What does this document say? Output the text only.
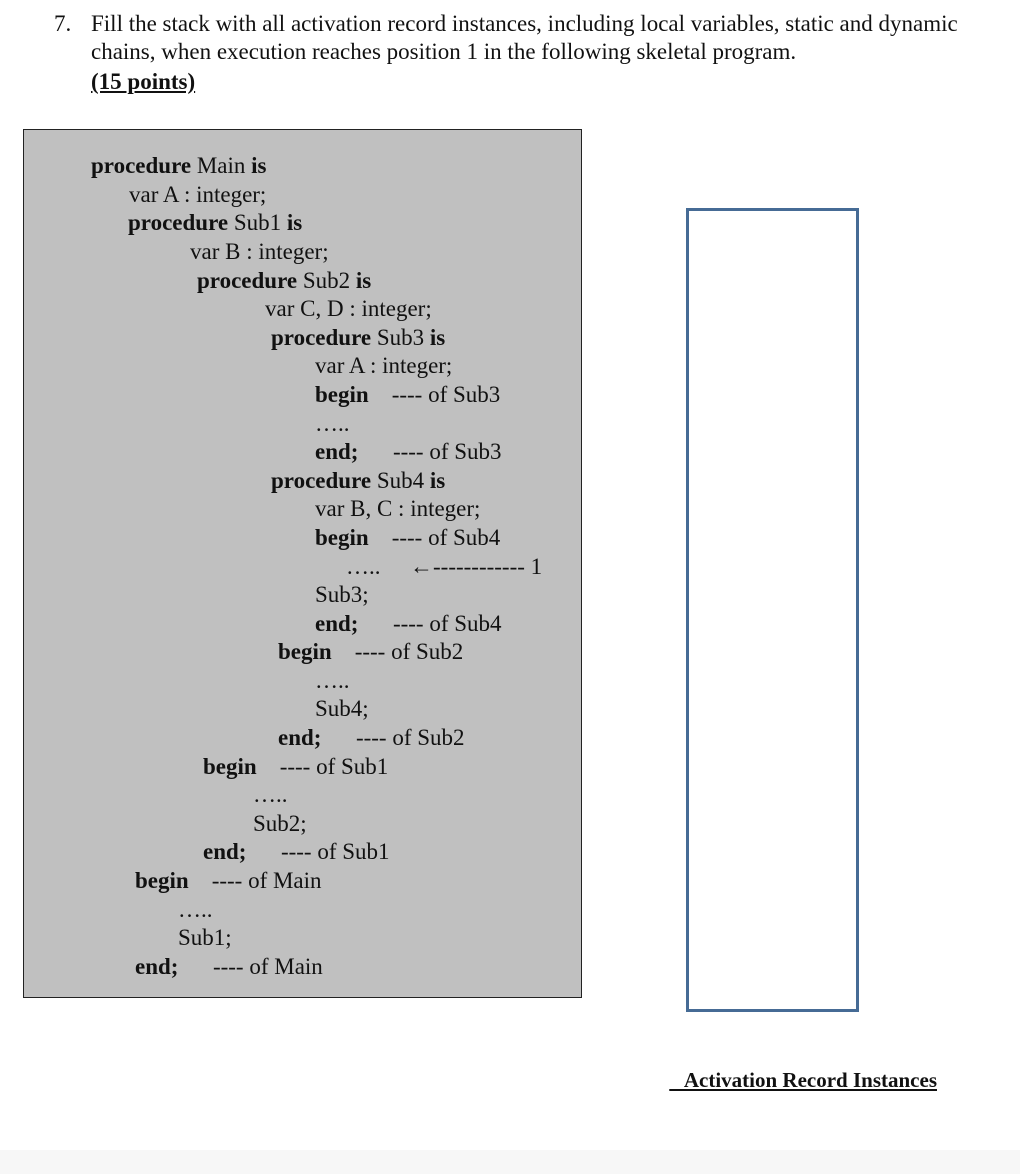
7. Fill the stack with all activation record instances, including local variables, static and dynamic chains, when execution reaches position 1 in the following skeletal program.
(15 points)
procedure Main is
var A : integer;
procedure Sub1 is
var B : integer;
procedure Sub2 is
var C, D : integer;
procedure Sub3 is
var A : integer;
begin    ---- of Sub3
…..
end;      ---- of Sub3
procedure Sub4 is
var B, C : integer;
begin    ---- of Sub4
….. ←------------ 1
Sub3;
end;      ---- of Sub4
begin    ---- of Sub2
…..
Sub4;
end;      ---- of Sub2
begin    ---- of Sub1
…..
Sub2;
end;      ---- of Sub1
begin    ---- of Main
…..
Sub1;
end;      ---- of Main
Activation Record Instances
